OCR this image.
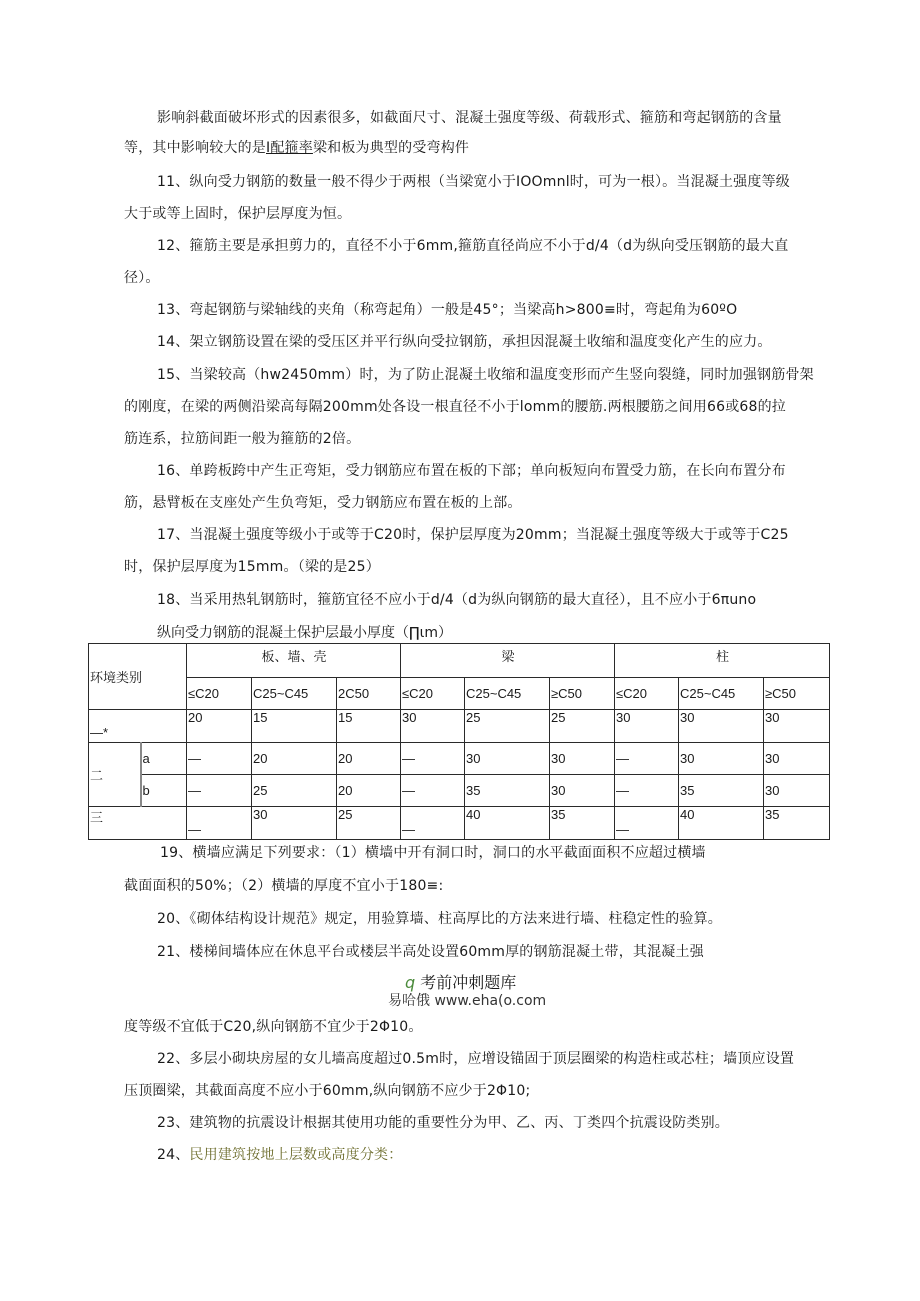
影响斜截面破坏形式的因素很多，如截面尺寸、混凝土强度等级、荷载形式、箍筋和弯起钢筋的含量
等，其中影响较大的是I配箍率梁和板为典型的受弯构件
11、纵向受力钢筋的数量一般不得少于两根（当梁宽小于IOOmnl时，可为一根）。当混凝土强度等级
大于或等上固时，保护层厚度为恒。
12、箍筋主要是承担剪力的，直径不小于6mm,箍筋直径尚应不小于d/4（d为纵向受压钢筋的最大直
径）。
13、弯起钢筋与梁轴线的夹角（称弯起角）一般是45°；当梁高h>800≡时，弯起角为60ºO
14、架立钢筋设置在梁的受压区并平行纵向受拉钢筋，承担因混凝土收缩和温度变化产生的应力。
15、当梁较高（hw2450mm）时，为了防止混凝土收缩和温度变形而产生竖向裂缝，同时加强钢筋骨架
的刚度，在梁的两侧沿梁高每隔200mm处各设一根直径不小于lomm的腰筋.两根腰筋之间用66或68的拉
筋连系，拉筋间距一般为箍筋的2倍。
16、单跨板跨中产生正弯矩，受力钢筋应布置在板的下部；单向板短向布置受力筋，在长向布置分布
筋，悬臂板在支座处产生负弯矩，受力钢筋应布置在板的上部。
17、当混凝土强度等级小于或等于C20时，保护层厚度为20mm；当混凝土强度等级大于或等于C25
时，保护层厚度为15mm。（梁的是25）
18、当采用热轧钢筋时，箍筋宜径不应小于d/4（d为纵向钢筋的最大直径），且不应小于6πuno
纵向受力钢筋的混凝土保护层最小厚度（∏ιm）
环境类别		板、墙、壳			梁			柱		
		≤C20	C25~C45	2C50	≤C20	C25~C45	≥C50	≤C20	C25~C45	≥C50
—*		20	15	15	30	25	25	30	30	30
二	a	—	20	20	—	30	30	—	30	30
	b	—	25	20	—	35	30	—	35	30
三		—	30	25	—	40	35	—	40	35
19、横墙应满足下列要求：（1）横墙中开有洞口时，洞口的水平截面面积不应超过横墙
截面面积的50%；（2）横墙的厚度不宜小于180≡:
20、《砌体结构设计规范》规定，用验算墙、柱高厚比的方法来进行墙、柱稳定性的验算。
21、楼梯间墙体应在休息平台或楼层半高处设置60mm厚的钢筋混凝土带，其混凝土强
q 考前冲刺题库
易哈俄 www.eha(o.com
度等级不宜低于C20,纵向钢筋不宜少于2Φ10。
22、多层小砌块房屋的女儿墙高度超过0.5m时，应增设锚固于顶层圈梁的构造柱或芯柱；墙顶应设置
压顶圈梁，其截面高度不应小于60mm,纵向钢筋不应少于2Φ10;
23、建筑物的抗震设计根据其使用功能的重要性分为甲、乙、丙、丁类四个抗震设防类别。
24、民用建筑按地上层数或高度分类：
